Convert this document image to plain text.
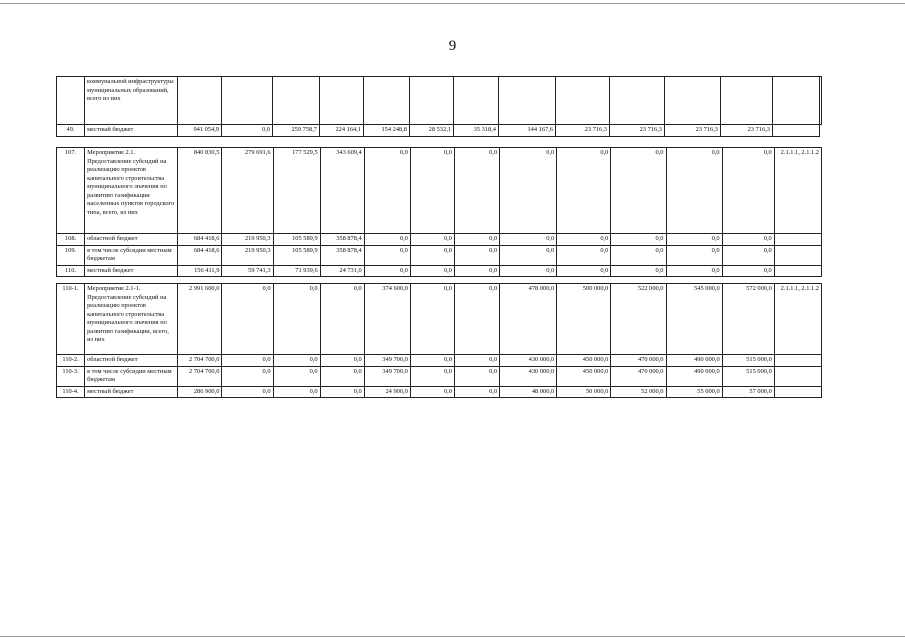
9
	коммунальной инфраструктуры муниципальных образований, всего из них														
49.	местный бюджет	941 054,9	0,0	259 758,7	224 164,1	154 248,8	28 532,1	35 318,4	144 167,6	23 716,3	23 716,3	23 716,3	23 716,3		
107.	Мероприятие 2.1. Предоставление субсидий на реализацию проектов капитального строительства муниципального значения по развитию газификации населенных пунктов городского типа, всего, из них	840 830,5	279 691,6	177 529,5	343 609,4	0,0	0,0	0,0	0,0	0,0	0,0	0,0	0,0	2.1.1.1, 2.1.1.2
108.	областной бюджет	684 418,6	219 950,3	105 589,9	358 878,4	0,0	0,0	0,0	0,0	0,0	0,0	0,0	0,0	
109.	в том числе субсидии местным бюджетам	684 418,6	219 950,3	105 589,9	358 878,4	0,0	0,0	0,0	0,0	0,0	0,0	0,0	0,0	
110.	местный бюджет	156 411,9	59 741,3	71 939,6	24 731,0	0,0	0,0	0,0	0,0	0,0	0,0	0,0	0,0	
110-1.	Мероприятие 2.1-1. Предоставление субсидий на реализацию проектов капитального строительства муниципального значения по развитию газификации, всего, из них	2 991 600,0	0,0	0,0	0,0	374 600,0	0,0	0,0	478 000,0	500 000,0	522 000,0	545 000,0	572 000,0	2.1.1.1, 2.1.1.2
110-2.	областной бюджет	2 704 700,0	0,0	0,0	0,0	349 700,0	0,0	0,0	430 000,0	450 000,0	470 000,0	490 000,0	515 000,0	
110-3.	в том числе субсидии местным бюджетам	2 704 700,0	0,0	0,0	0,0	349 700,0	0,0	0,0	430 000,0	450 000,0	470 000,0	490 000,0	515 000,0	
110-4.	местный бюджет	286 900,0	0,0	0,0	0,0	24 900,0	0,0	0,0	48 000,0	50 000,0	52 000,0	55 000,0	57 000,0	
